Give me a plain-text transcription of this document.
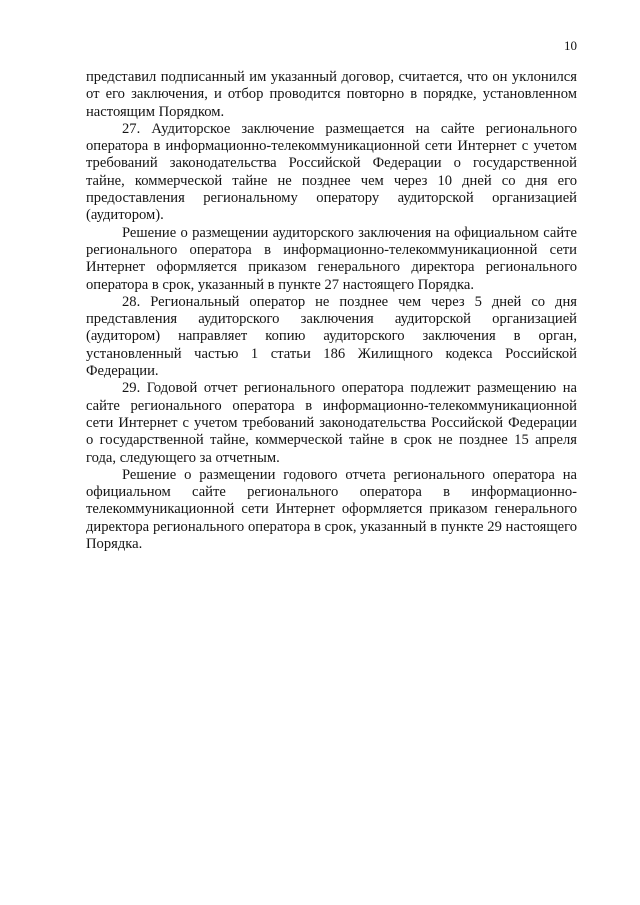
10

представил подписанный им указанный договор, считается, что он уклонился от его заключения, и отбор проводится повторно в порядке, установленном настоящим Порядком.

27. Аудиторское заключение размещается на сайте регионального оператора в информационно-телекоммуникационной сети Интернет с учетом требований законодательства Российской Федерации о государственной тайне, коммерческой тайне не позднее чем через 10 дней со дня его предоставления региональному оператору аудиторской организацией (аудитором).

Решение о размещении аудиторского заключения на официальном сайте регионального оператора в информационно-телекоммуникационной сети Интернет оформляется приказом генерального директора регионального оператора в срок, указанный в пункте 27 настоящего Порядка.

28. Региональный оператор не позднее чем через 5 дней со дня представления аудиторского заключения аудиторской организацией (аудитором) направляет копию аудиторского заключения в орган, установленный частью 1 статьи 186 Жилищного кодекса Российской Федерации.

29. Годовой отчет регионального оператора подлежит размещению на сайте регионального оператора в информационно-телекоммуникационной сети Интернет с учетом требований законодательства Российской Федерации о государственной тайне, коммерческой тайне в срок не позднее 15 апреля года, следующего за отчетным.

Решение о размещении годового отчета регионального оператора на официальном сайте регионального оператора в информационно-телекоммуникационной сети Интернет оформляется приказом генерального директора регионального оператора в срок, указанный в пункте 29 настоящего Порядка.
